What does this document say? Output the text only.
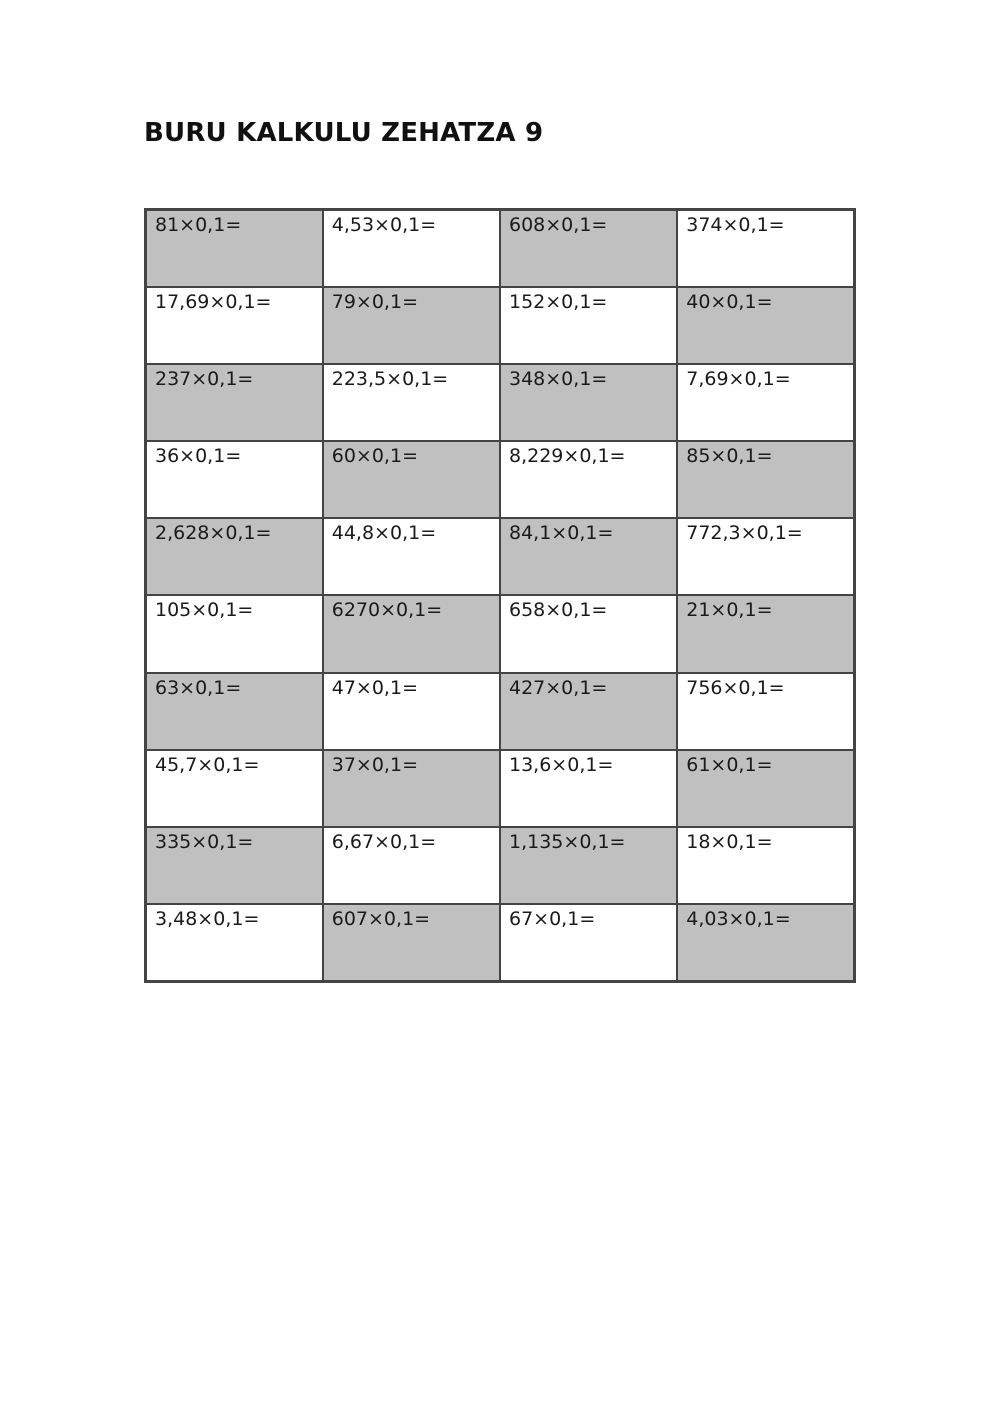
BURU KALKULU ZEHATZA 9
81×0,1=	4,53×0,1=	608×0,1=	374×0,1=
17,69×0,1=	79×0,1=	152×0,1=	40×0,1=
237×0,1=	223,5×0,1=	348×0,1=	7,69×0,1=
36×0,1=	60×0,1=	8,229×0,1=	85×0,1=
2,628×0,1=	44,8×0,1=	84,1×0,1=	772,3×0,1=
105×0,1=	6270×0,1=	658×0,1=	21×0,1=
63×0,1=	47×0,1=	427×0,1=	756×0,1=
45,7×0,1=	37×0,1=	13,6×0,1=	61×0,1=
335×0,1=	6,67×0,1=	1,135×0,1=	18×0,1=
3,48×0,1=	607×0,1=	67×0,1=	4,03×0,1=
